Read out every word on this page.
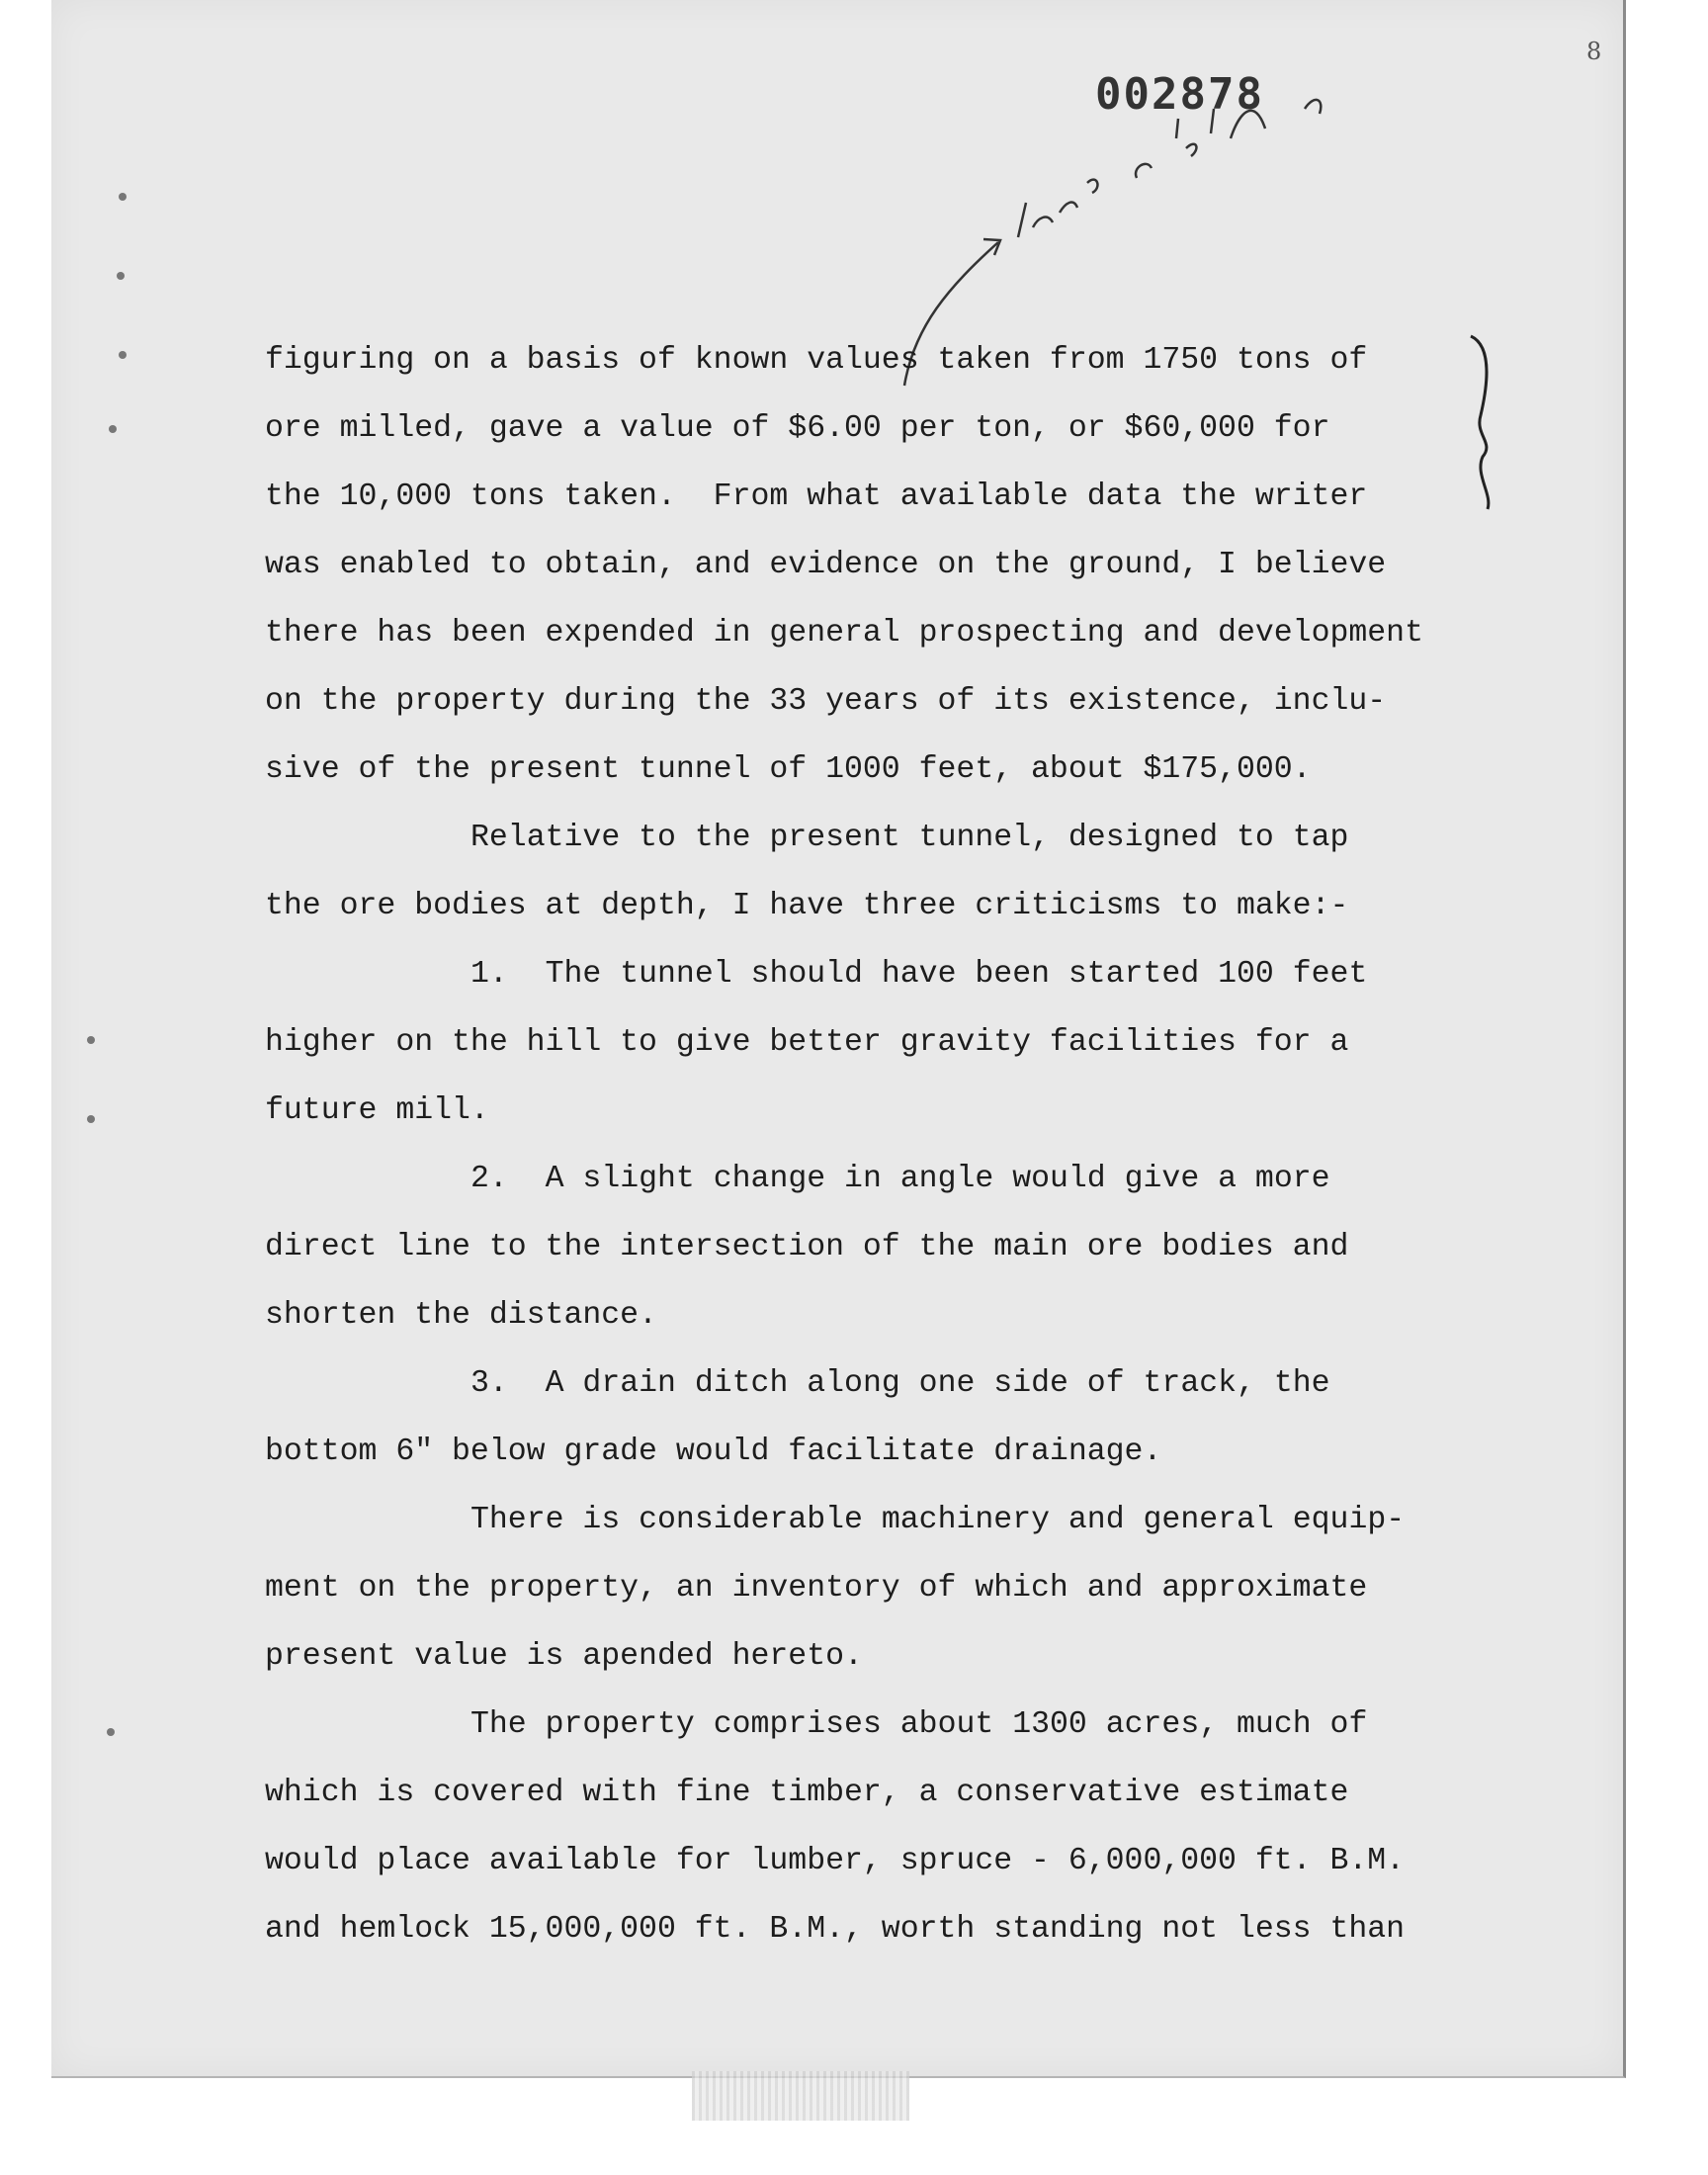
8
002878
figuring on a basis of known values taken from 1750 tons of
ore milled, gave a value of $6.00 per ton, or $60,000 for
the 10,000 tons taken.  From what available data the writer
was enabled to obtain, and evidence on the ground, I believe
there has been expended in general prospecting and development
on the property during the 33 years of its existence, inclu-
sive of the present tunnel of 1000 feet, about $175,000.
Relative to the present tunnel, designed to tap
the ore bodies at depth, I have three criticisms to make:-
1.  The tunnel should have been started 100 feet
higher on the hill to give better gravity facilities for a
future mill.
2.  A slight change in angle would give a more
direct line to the intersection of the main ore bodies and
shorten the distance.
3.  A drain ditch along one side of track, the
bottom 6" below grade would facilitate drainage.
There is considerable machinery and general equip-
ment on the property, an inventory of which and approximate
present value is apended hereto.
The property comprises about 1300 acres, much of
which is covered with fine timber, a conservative estimate
would place available for lumber, spruce - 6,000,000 ft. B.M.
and hemlock 15,000,000 ft. B.M., worth standing not less than
